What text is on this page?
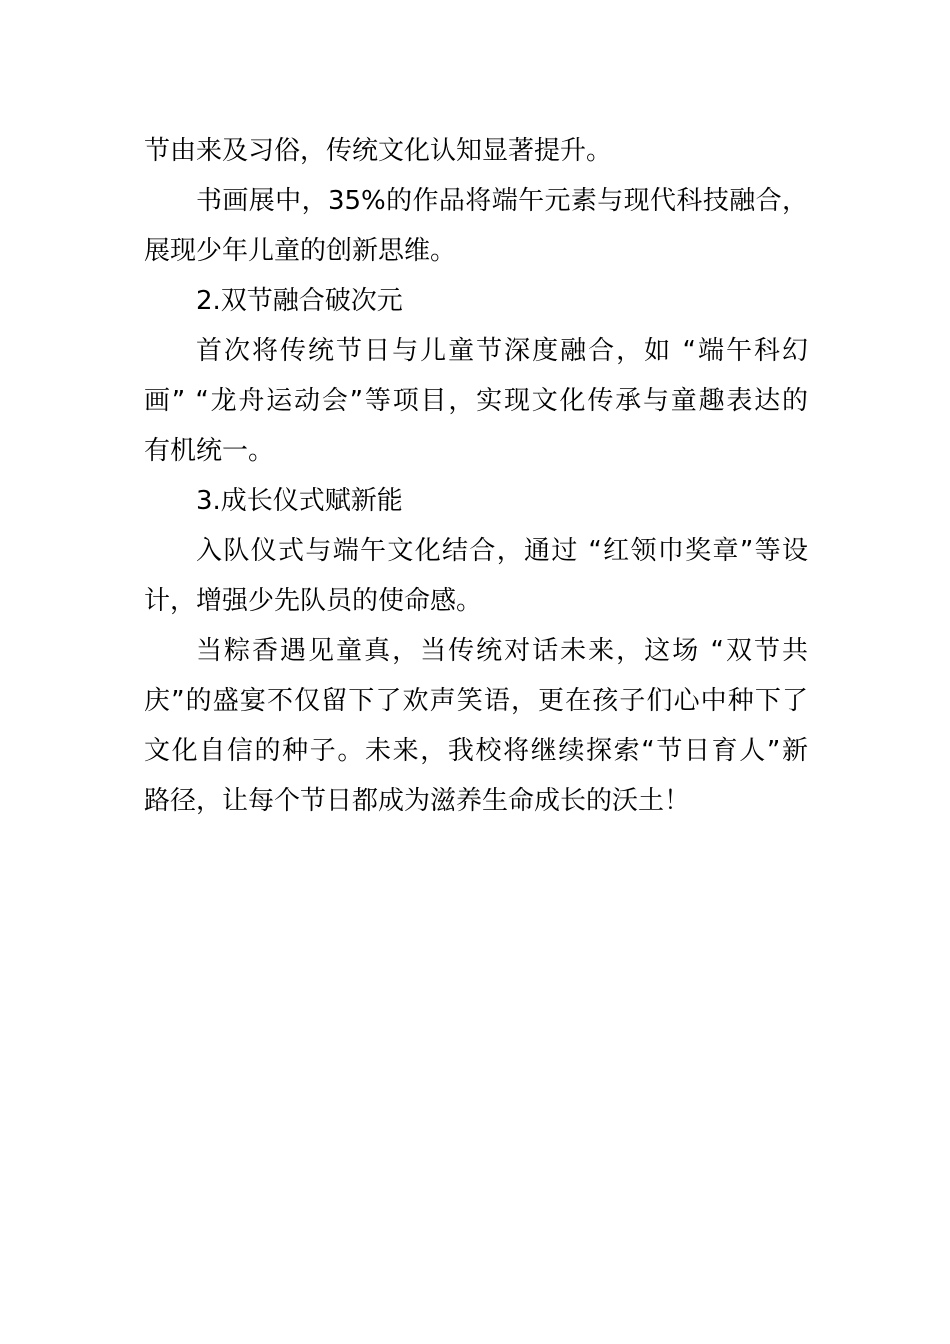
节由来及习俗，传统文化认知显著提升。
书画展中，35%的作品将端午元素与现代科技融合，
展现少年儿童的创新思维。
2.双节融合破次元
首次将传统节日与儿童节深度融合，如 “端午科幻
画” “龙舟运动会”等项目，实现文化传承与童趣表达的
有机统一。
3.成长仪式赋新能
入队仪式与端午文化结合，通过 “红领巾奖章”等设
计，增强少先队员的使命感。
当粽香遇见童真，当传统对话未来，这场 “双节共
庆”的盛宴不仅留下了欢声笑语，更在孩子们心中种下了
文化自信的种子。未来，我校将继续探索“节日育人”新
路径，让每个节日都成为滋养生命成长的沃土！
